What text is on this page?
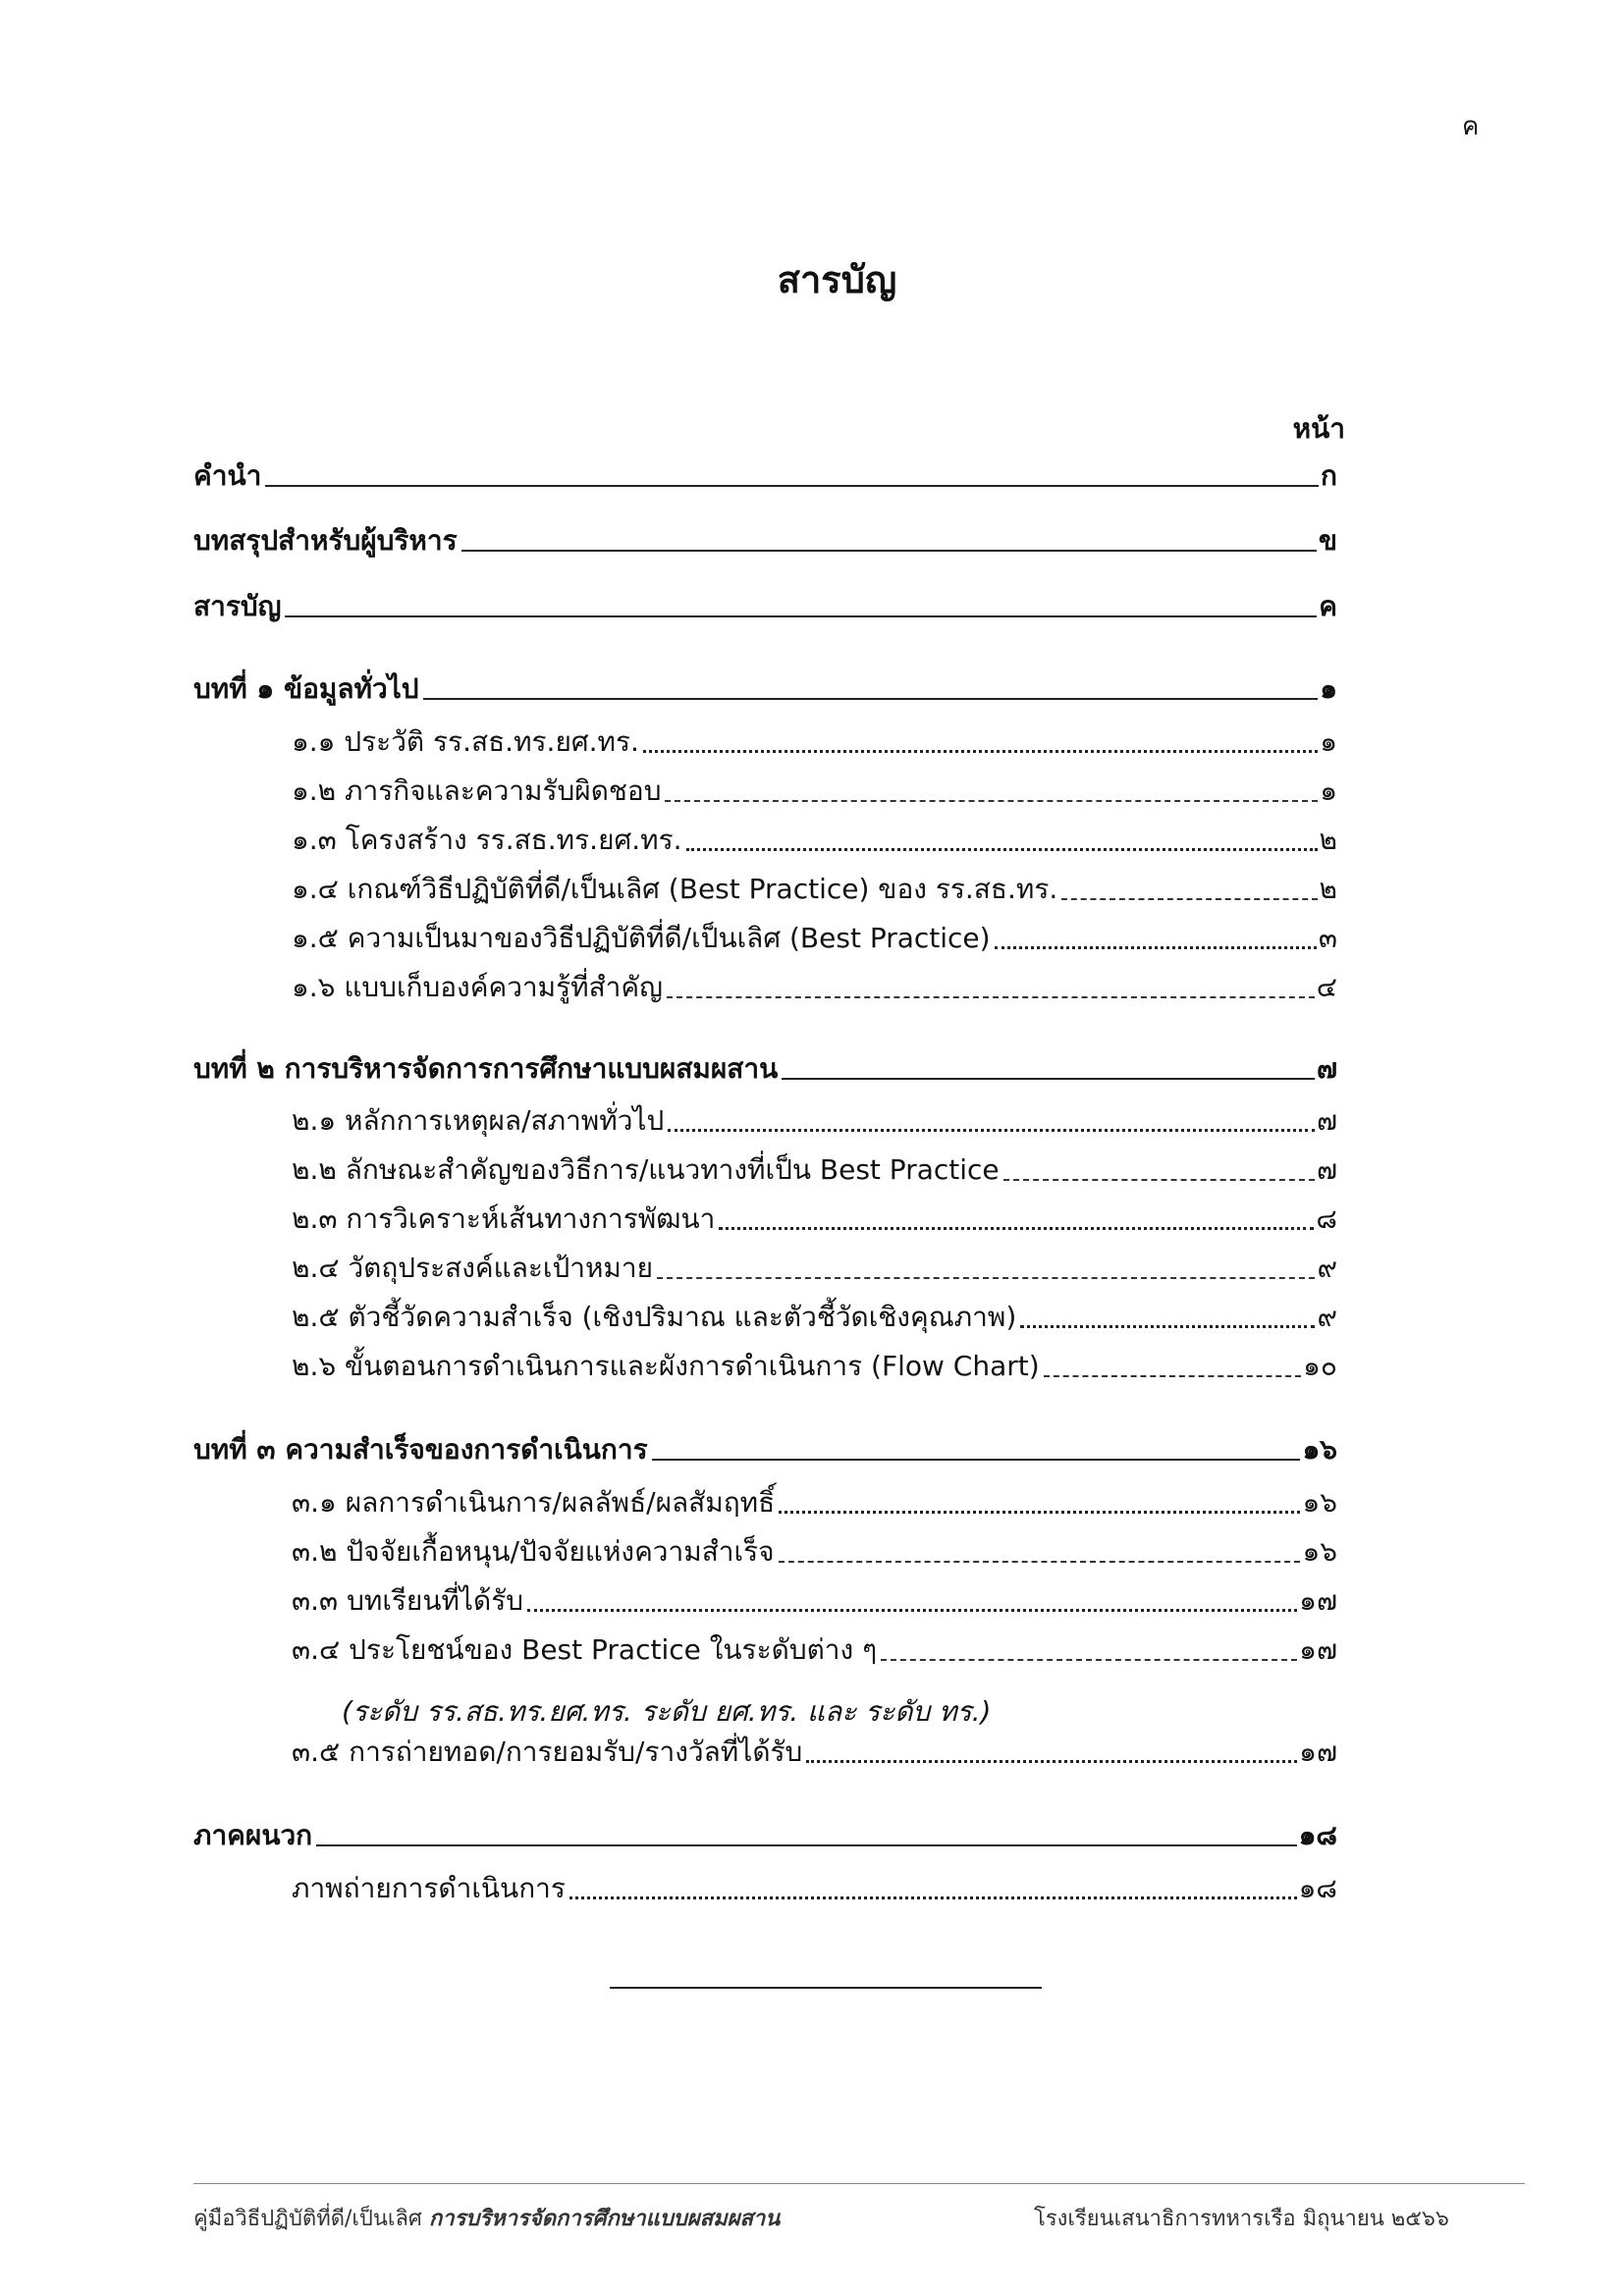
ค
สารบัญ
หน้า
คำนำ	ก
บทสรุปสำหรับผู้บริหาร	ข
สารบัญ	ค
บทที่ ๑ ข้อมูลทั่วไป	๑
๑.๑ ประวัติ รร.สธ.ทร.ยศ.ทร.	๑
๑.๒ ภารกิจและความรับผิดชอบ	๑
๑.๓ โครงสร้าง รร.สธ.ทร.ยศ.ทร.	๒
๑.๔ เกณฑ์วิธีปฏิบัติที่ดี/เป็นเลิศ (Best Practice) ของ รร.สธ.ทร.	๒
๑.๕ ความเป็นมาของวิธีปฏิบัติที่ดี/เป็นเลิศ (Best Practice)	๓
๑.๖ แบบเก็บองค์ความรู้ที่สำคัญ	๔
บทที่ ๒ การบริหารจัดการการศึกษาแบบผสมผสาน	๗
๒.๑ หลักการเหตุผล/สภาพทั่วไป	๗
๒.๒ ลักษณะสำคัญของวิธีการ/แนวทางที่เป็น Best Practice	๗
๒.๓ การวิเคราะห์เส้นทางการพัฒนา	๘
๒.๔ วัตถุประสงค์และเป้าหมาย	๙
๒.๕ ตัวชี้วัดความสำเร็จ (เชิงปริมาณ และตัวชี้วัดเชิงคุณภาพ)	๙
๒.๖ ขั้นตอนการดำเนินการและผังการดำเนินการ (Flow Chart)	๑๐
บทที่ ๓ ความสำเร็จของการดำเนินการ	๑๖
๓.๑ ผลการดำเนินการ/ผลลัพธ์/ผลสัมฤทธิ์	๑๖
๓.๒ ปัจจัยเกื้อหนุน/ปัจจัยแห่งความสำเร็จ	๑๖
๓.๓ บทเรียนที่ได้รับ	๑๗
๓.๔ ประโยชน์ของ Best Practice ในระดับต่าง ๆ	๑๗
(ระดับ รร.สธ.ทร.ยศ.ทร. ระดับ ยศ.ทร. และ ระดับ ทร.)
๓.๕ การถ่ายทอด/การยอมรับ/รางวัลที่ได้รับ	๑๗
ภาคผนวก	๑๘
ภาพถ่ายการดำเนินการ	๑๘
คู่มือวิธีปฏิบัติที่ดี/เป็นเลิศ การบริหารจัดการศึกษาแบบผสมผสาน	โรงเรียนเสนาธิการทหารเรือ มิถุนายน ๒๕๖๖
